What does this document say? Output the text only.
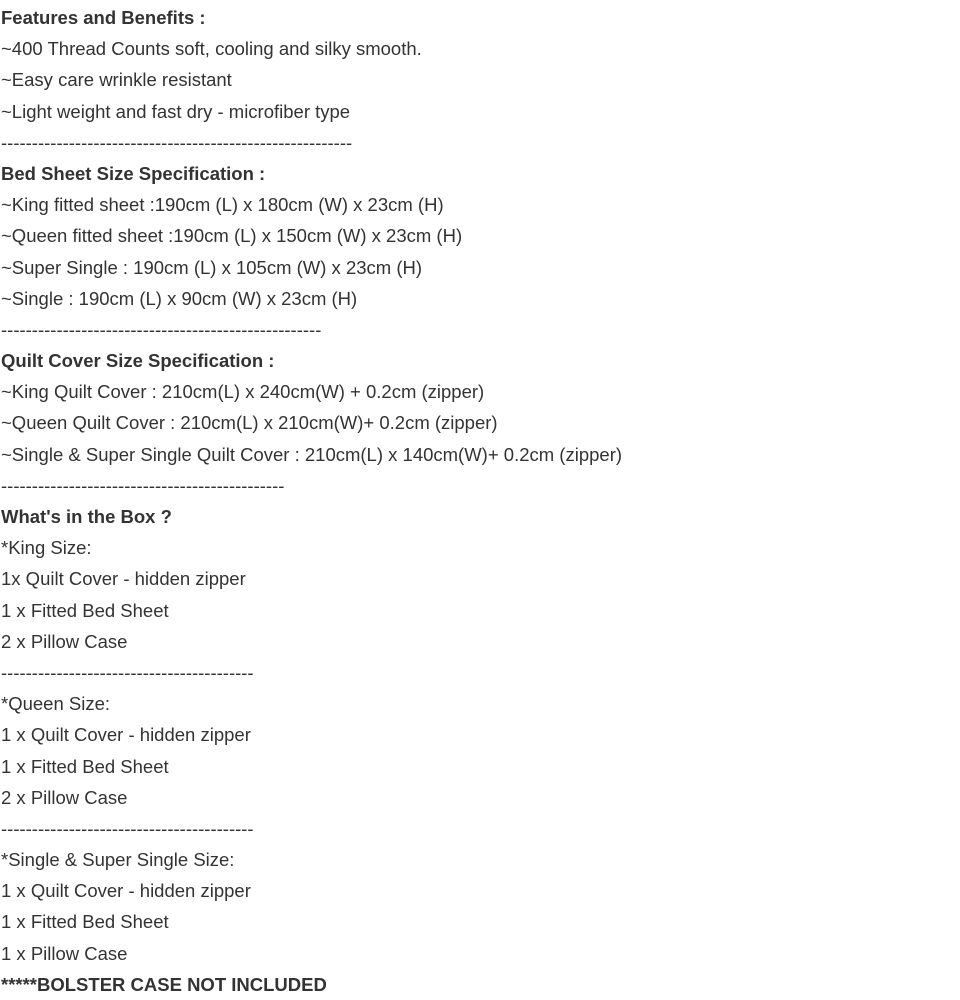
Features and Benefits :

~400 Thread Counts soft, cooling and silky smooth.

~Easy care wrinkle resistant

~Light weight and fast dry - microfiber type

---------------------------------------------------------

Bed Sheet Size Specification :

~King fitted sheet :190cm (L) x 180cm (W) x 23cm (H)

~Queen fitted sheet :190cm (L) x 150cm (W) x 23cm (H)

~Super Single : 190cm (L) x 105cm (W) x 23cm (H)

~Single : 190cm (L) x 90cm (W) x 23cm (H)

----------------------------------------------------

Quilt Cover Size Specification :

~King Quilt Cover : 210cm(L) x 240cm(W) + 0.2cm (zipper)

~Queen Quilt Cover : 210cm(L) x 210cm(W)+ 0.2cm (zipper)

~Single & Super Single Quilt Cover : 210cm(L) x 140cm(W)+ 0.2cm (zipper)

----------------------------------------------

What's in the Box ?

*King Size:

1x Quilt Cover - hidden zipper

1 x Fitted Bed Sheet

2 x Pillow Case

-----------------------------------------

*Queen Size:

1 x Quilt Cover - hidden zipper

1 x Fitted Bed Sheet

2 x Pillow Case

-----------------------------------------

*Single & Super Single Size:

1 x Quilt Cover - hidden zipper

1 x Fitted Bed Sheet

1 x Pillow Case

*****BOLSTER CASE NOT INCLUDED
